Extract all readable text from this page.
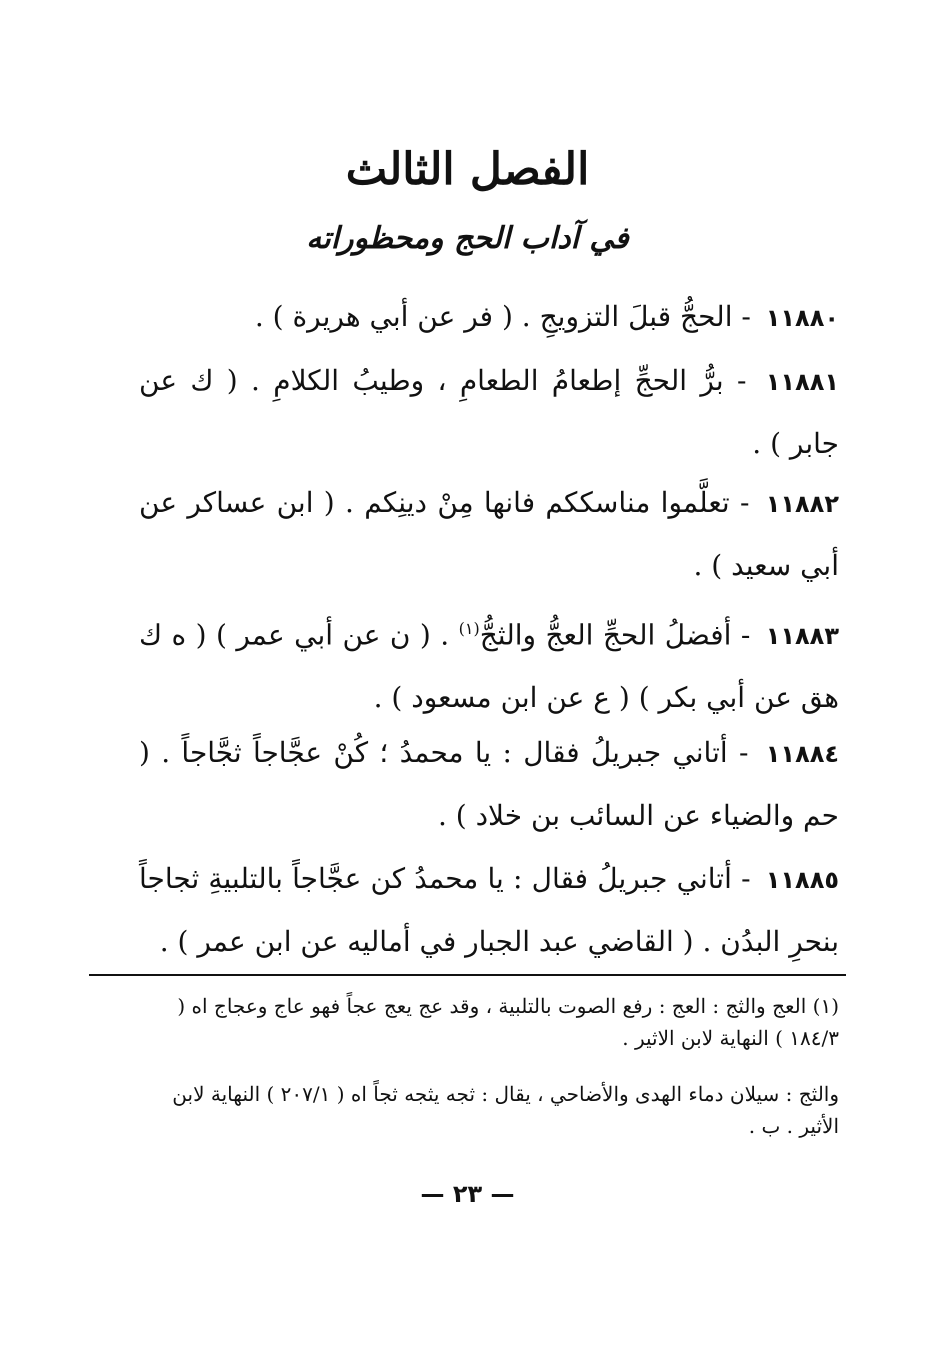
الفصل الثالث
في آداب الحج ومحظوراته
١١٨٨٠ - الحجُّ قبلَ التزويجِ . ( فر عن أبي هريرة ) .
١١٨٨١ - برُّ الحجِّ إطعامُ الطعامِ ، وطيبُ الكلامِ . ( ك عن جابر ) .
١١٨٨٢ - تعلَّموا مناسككم فانها مِنْ دينِكم . ( ابن عساكر عن أبي سعيد ) .
١١٨٨٣ - أفضلُ الحجِّ العجُّ والثجُّ$^{(١)}$ . ( ن عن أبي عمر ) ( ه ك هق عن أبي بكر ) ( ع عن ابن مسعود ) .
١١٨٨٤ - أتاني جبريلُ فقال : يا محمدُ ؛ كُنْ عجَّاجاً ثجَّاجاً . ( حم والضياء عن السائب بن خلاد ) .
١١٨٨٥ - أتاني جبريلُ فقال : يا محمدُ كن عجَّاجاً بالتلبيةِ ثجاجاً بنحرِ البدُن . ( القاضي عبد الجبار في أماليه عن ابن عمر ) .
(١) العج والثج : العج : رفع الصوت بالتلبية ، وقد عج يعج عجاً فهو عاج وعجاج اه ( ١٨٤/٣ ) النهاية لابن الاثير .
والثج : سيلان دماء الهدى والأضاحي ، يقال : ثجه يثجه ثجاً اه ( ٢٠٧/١ ) النهاية لابن الأثير . ب .
— ٢٣ —
